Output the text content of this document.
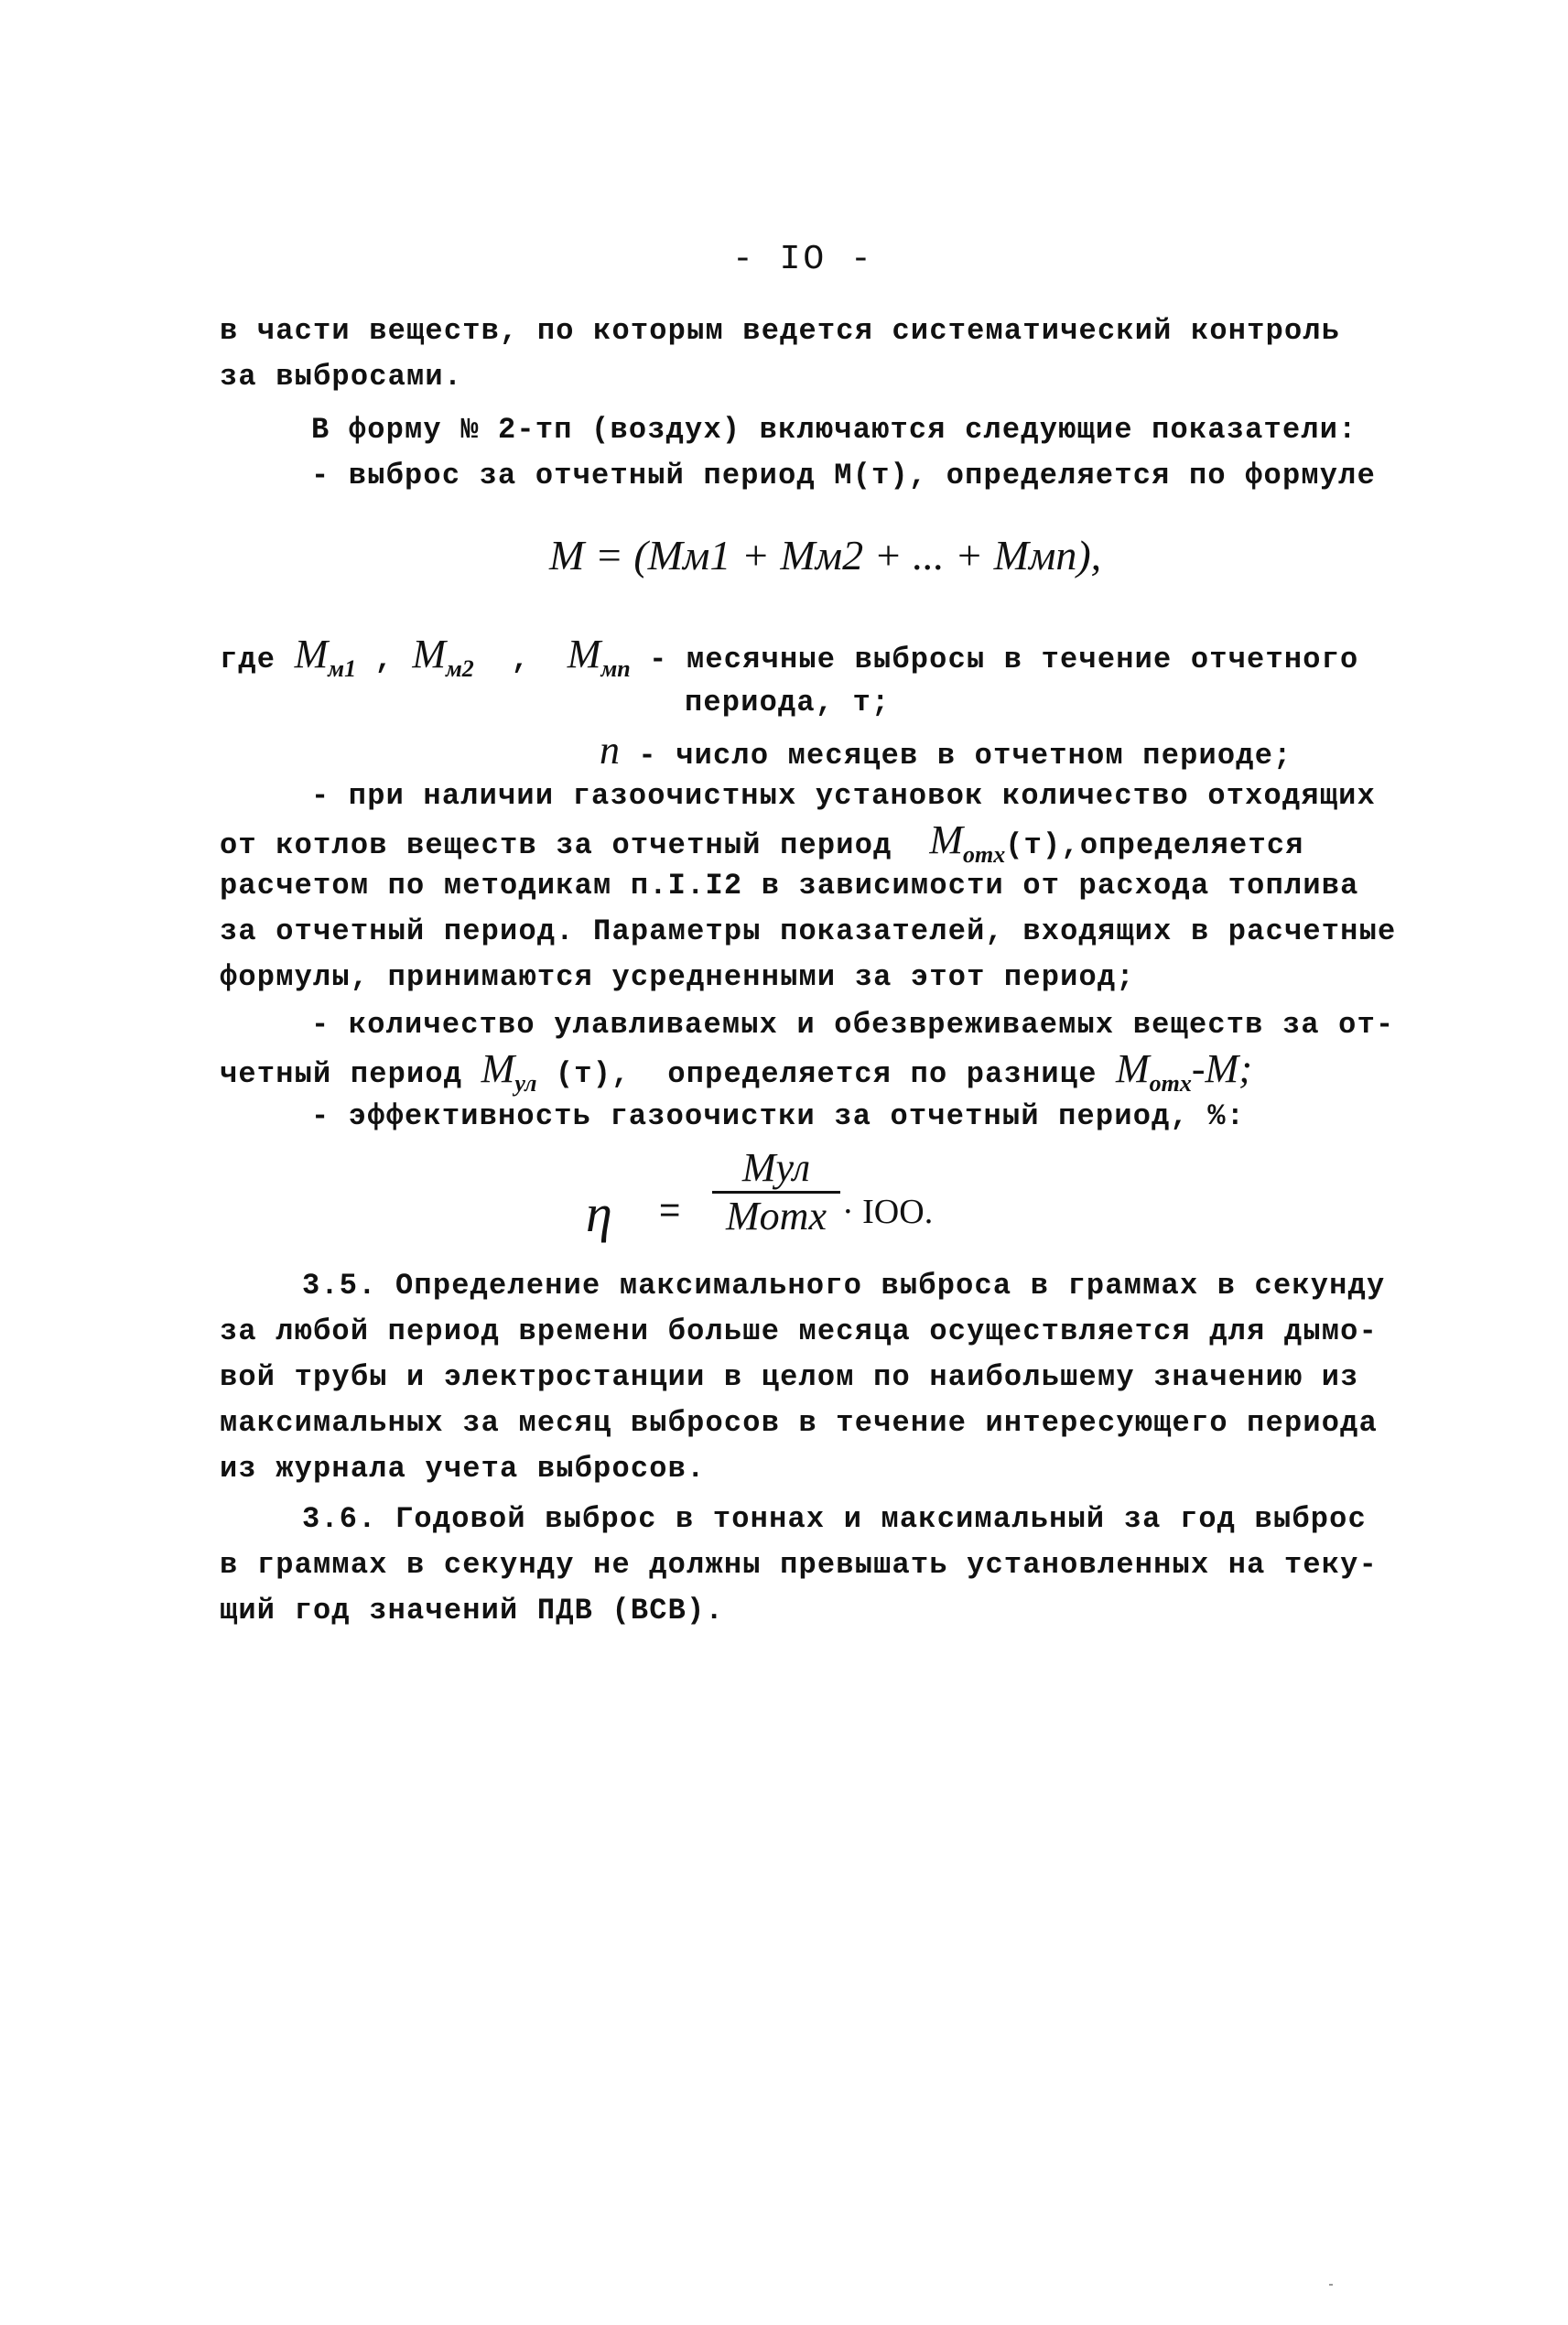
- IO -
в части веществ, по которым ведется систематический контроль
за выбросами.
В форму № 2-тп (воздух) включаются следующие показатели:
- выброс за отчетный период М(т), определяется по формуле
M = (Mм1 + Mм2 + ... + Mмn),
где $M_{м1}$ , $M_{м2}$  ,  $M_{мn}$ - месячные выбросы в течение отчетного
периода, т;
n - число месяцев в отчетном периоде;
- при наличии газоочистных установок количество отходящих
от котлов веществ за отчетный период $M_{отх}(т),определяется$
расчетом по методикам п.I.I2 в зависимости от расхода топлива
за отчетный период. Параметры показателей, входящих в расчетные
формулы, принимаются усредненными за этот период;
- количество улавливаемых и обезвреживаемых веществ за от-
четный период $M_{ул}$ (т),  определяется по разнице $M_{отх}-M$;
- эффективность газоочистки за отчетный период, %:
η =
Mул
Mотх · IOO.
3.5. Определение максимального выброса в граммах в секунду
за любой период времени больше месяца осуществляется для дымо-
вой трубы и электростанции в целом по наибольшему значению из
максимальных за месяц выбросов в течение интересующего периода
из журнала учета выбросов.
3.6. Годовой выброс в тоннах и максимальный за год выброс
в граммах в секунду не должны превышать установленных на теку-
щий год значений ПДВ (ВСВ).
